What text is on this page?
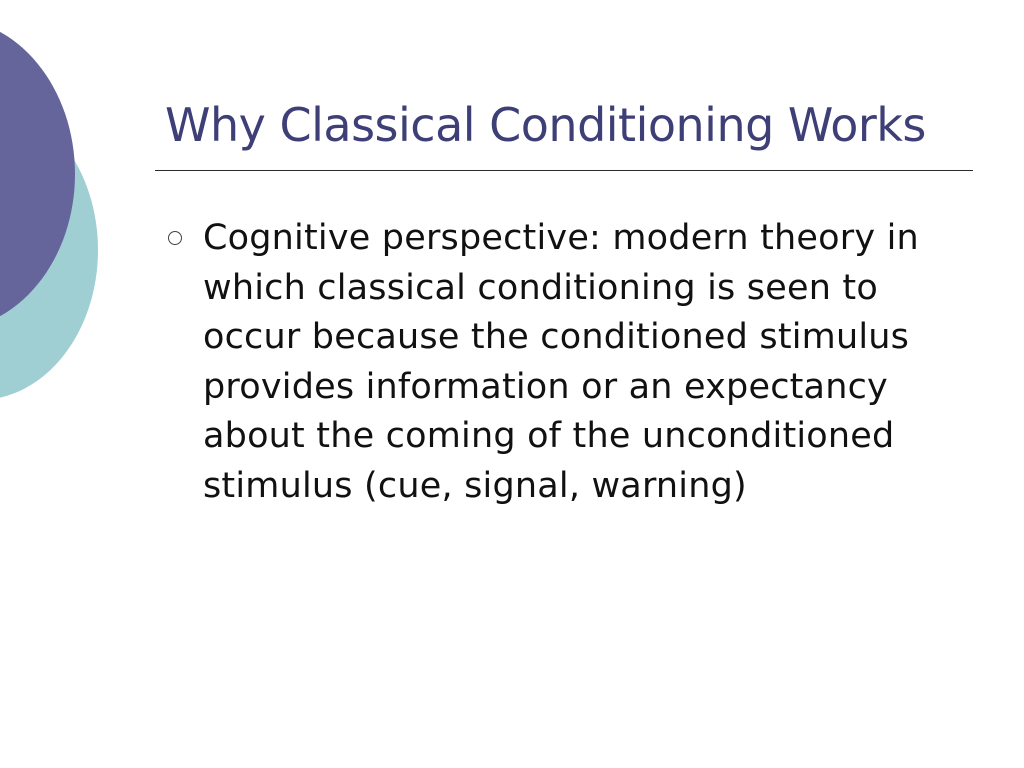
Why Classical Conditioning Works
Cognitive perspective: modern theory in which classical conditioning is seen to occur because the conditioned stimulus provides information or an expectancy about the coming of the unconditioned stimulus (cue, signal, warning)
